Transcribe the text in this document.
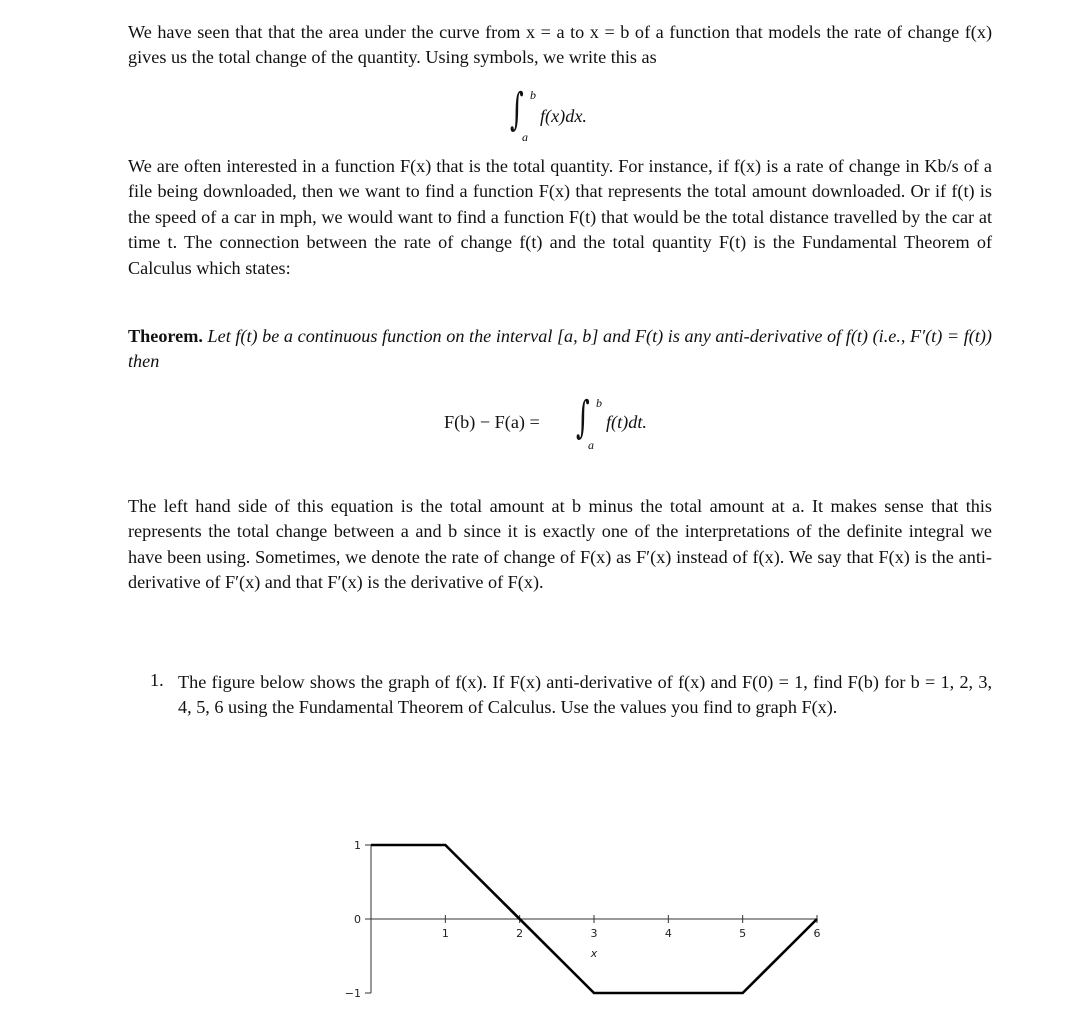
We have seen that that the area under the curve from x = a to x = b of a function that models the rate of change f(x) gives us the total change of the quantity. Using symbols, we write this as

∫ b
a
f(x)dx.

We are often interested in a function F(x) that is the total quantity. For instance, if f(x) is a rate of change in Kb/s of a file being downloaded, then we want to find a function F(x) that represents the total amount downloaded. Or if f(t) is the speed of a car in mph, we would want to find a function F(t) that would be the total distance travelled by the car at time t. The connection between the rate of change f(t) and the total quantity F(t) is the Fundamental Theorem of Calculus which states:

Theorem. Let f(t) be a continuous function on the interval [a, b] and F(t) is any anti-derivative of f(t) (i.e., F′(t) = f(t)) then

F(b) − F(a) = ∫ b
a
f(t)dt.

The left hand side of this equation is the total amount at b minus the total amount at a. It makes sense that this represents the total change between a and b since it is exactly one of the interpretations of the definite integral we have been using. Sometimes, we denote the rate of change of F(x) as F′(x) instead of f(x). We say that F(x) is the anti-derivative of F′(x) and that F′(x) is the derivative of F(x).

1. The figure below shows the graph of f(x). If F(x) anti-derivative of f(x) and F(0) = 1, find F(b) for b = 1, 2, 3, 4, 5, 6 using the Fundamental Theorem of Calculus. Use the values you find to graph F(x).

1
0
−1
1	2	3	4	5	6
x
